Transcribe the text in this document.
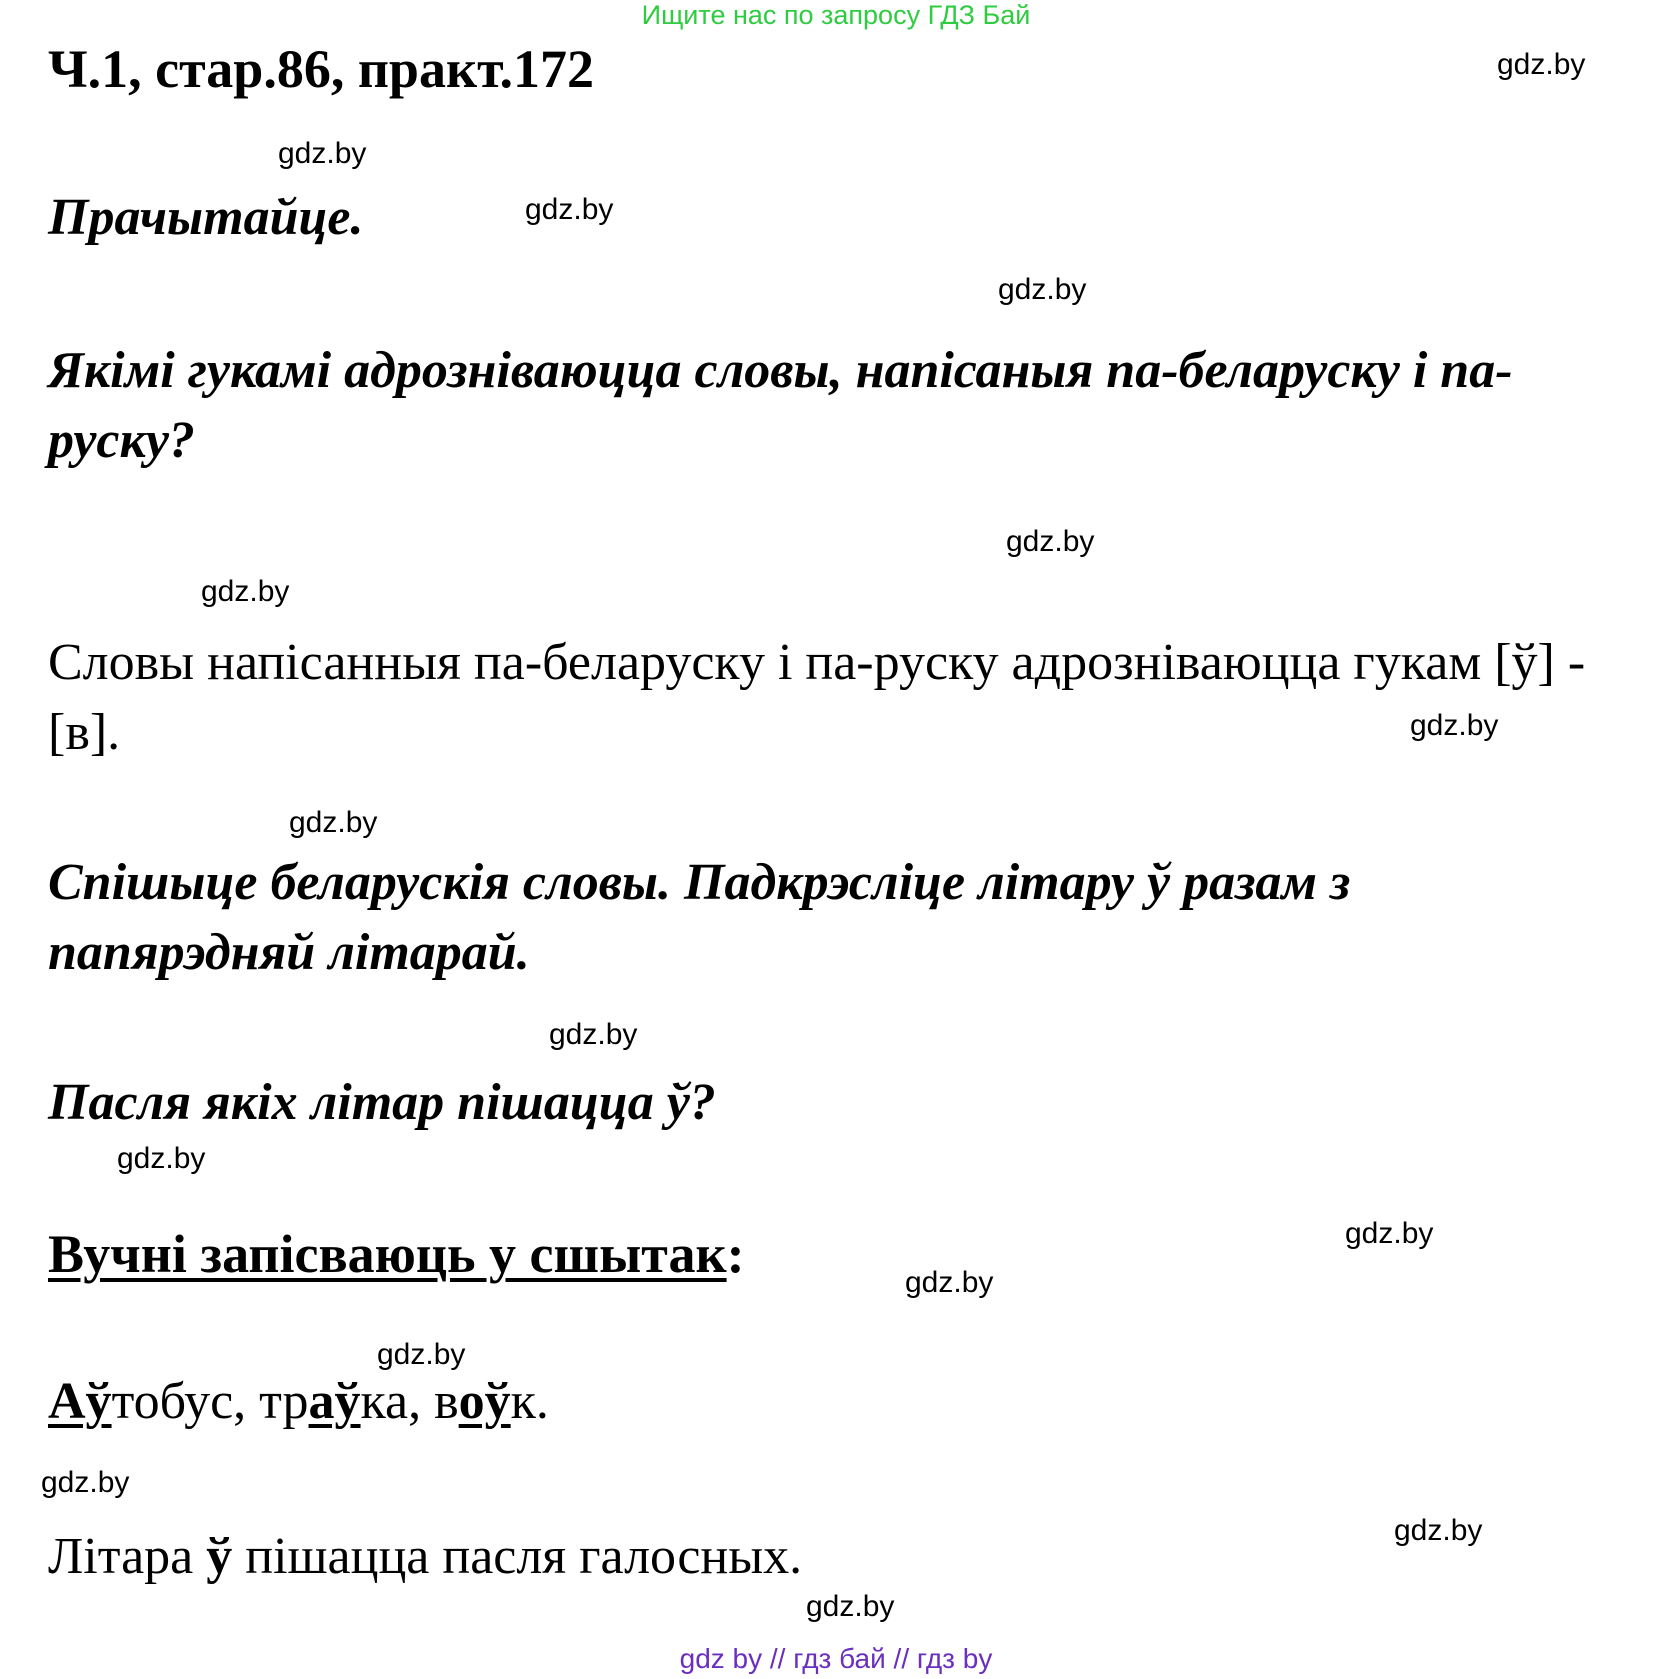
Ищите нас по запросу ГДЗ Бай
Ч.1, стар.86, практ.172
Прачытайце.
Якімі гукамі адрознiваюцца словы, напісаныя па-беларуску і па-руску?
Словы напісанныя па-беларуску і па-руску адрозніваюцца гукам [ў] - [в].
Спішыце беларускія словы. Падкрэсліце літару ў разам з папярэдняй літарай.
Пасля якіх літар пішацца ў?
Вучні запісваюць у сшытак:
Аўтобус, траўка, воўк.
Літара ў пішацца пасля галосных.
gdz.by
gdz.by
gdz.by
gdz.by
gdz.by
gdz.by
gdz.by
gdz.by
gdz.by
gdz.by
gdz.by
gdz.by
gdz.by
gdz.by
gdz.by
gdz.by
gdz by // гдз бай // гдз by
